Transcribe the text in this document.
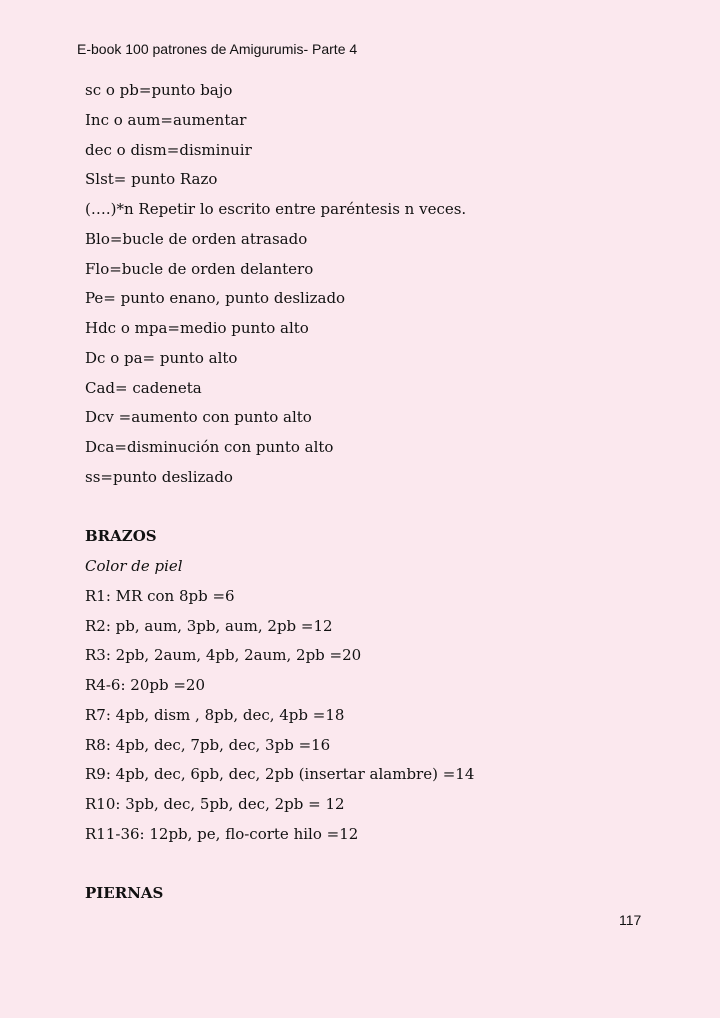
E-book 100 patrones de Amigurumis- Parte 4
sc o pb=punto bajo
Inc o aum=aumentar
dec o dism=disminuir
Slst= punto Razo
(….)*n Repetir lo escrito entre paréntesis n veces.
Blo=bucle de orden atrasado
Flo=bucle de orden delantero
Pe= punto enano, punto deslizado
Hdc o mpa=medio punto alto
Dc o pa= punto alto
Cad= cadeneta
Dcv =aumento con punto alto
Dca=disminución con punto alto
ss=punto deslizado
BRAZOS
Color de piel
R1: MR con 8pb =6
R2: pb, aum, 3pb, aum, 2pb =12
R3: 2pb, 2aum, 4pb, 2aum, 2pb =20
R4-6: 20pb =20
R7: 4pb, dism , 8pb, dec, 4pb =18
R8: 4pb, dec, 7pb, dec, 3pb =16
R9: 4pb, dec, 6pb, dec, 2pb (insertar alambre) =14
R10: 3pb, dec, 5pb, dec, 2pb = 12
R11-36: 12pb, pe, flo-corte hilo =12
PIERNAS
117
